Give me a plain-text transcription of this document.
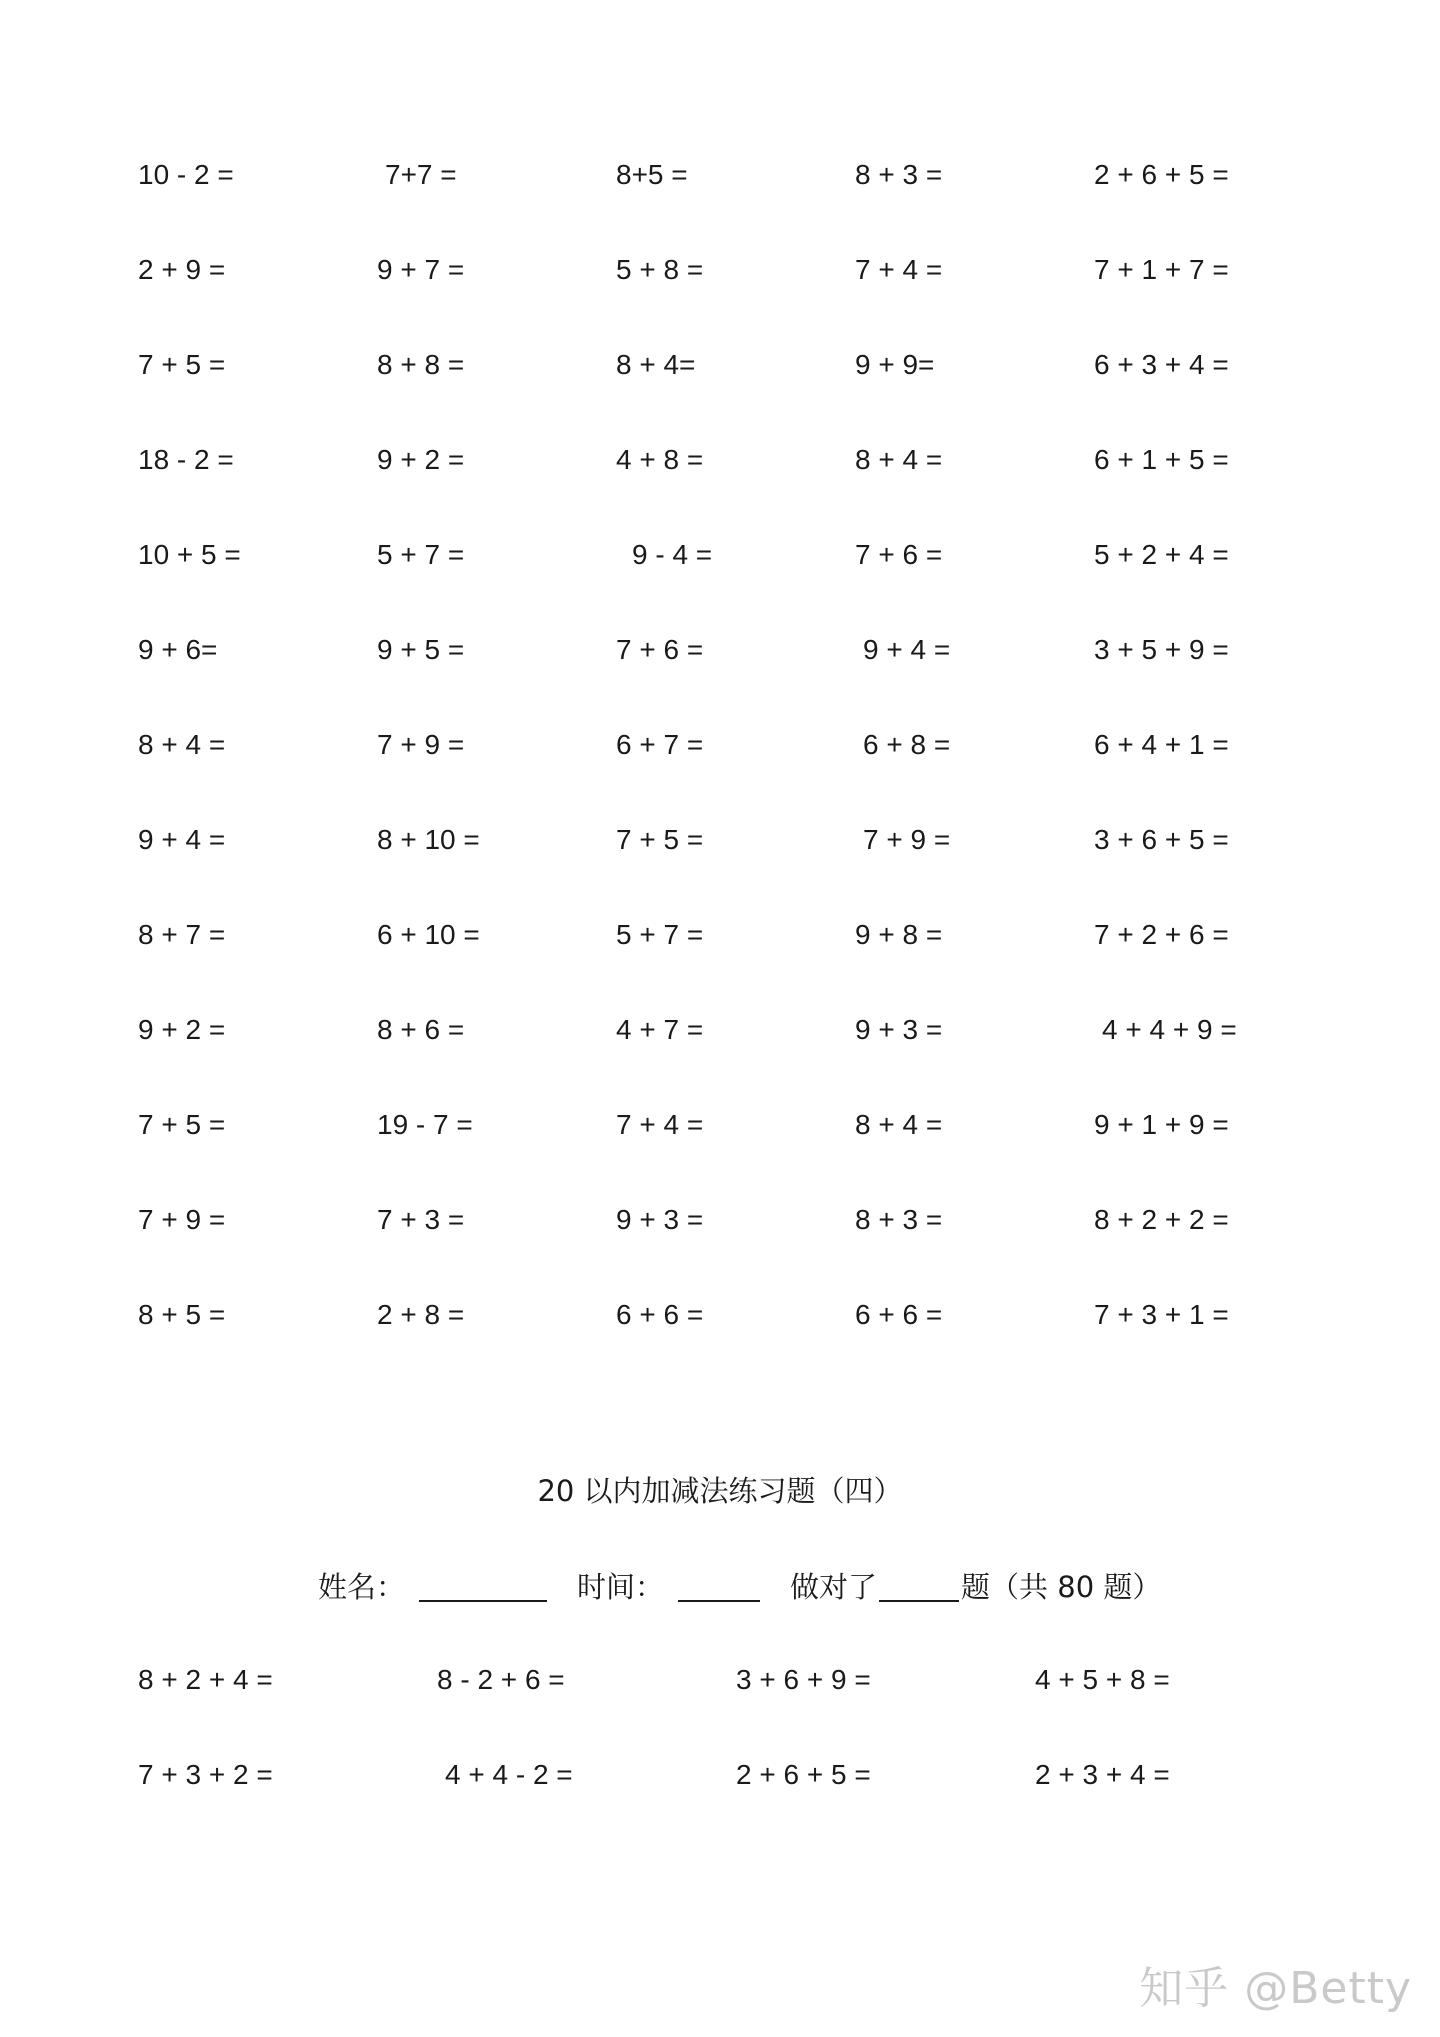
10 - 2 =	7+7 =	8+5 =	8 + 3 =	2 + 6 + 5 =
2 + 9 =	9 + 7 =	5 + 8 =	7 + 4 =	7 + 1 + 7 =
7 + 5 =	8 + 8 =	8 + 4=	9 + 9=	6 + 3 + 4 =
18 - 2 =	9 + 2 =	4 + 8 =	8 + 4 =	6 + 1 + 5 =
10 + 5 =	5 + 7 =	9 - 4 =	7 + 6 =	5 + 2 + 4 =
9 + 6=	9 + 5 =	7 + 6 =	9 + 4 =	3 + 5 + 9 =
8 + 4 =	7 + 9 =	6 + 7 =	6 + 8 =	6 + 4 + 1 =
9 + 4 =	8 + 10 =	7 + 5 =	7 + 9 =	3 + 6 + 5 =
8 + 7 =	6 + 10 =	5 + 7 =	9 + 8 =	7 + 2 + 6 =
9 + 2 =	8 + 6 =	4 + 7 =	9 + 3 =	4 + 4 + 9 =
7 + 5 =	19 - 7 =	7 + 4 =	8 + 4 =	9 + 1 + 9 =
7 + 9 =	7 + 3 =	9 + 3 =	8 + 3 =	8 + 2 + 2 =
8 + 5 =	2 + 8 =	6 + 6 =	6 + 6 =	7 + 3 + 1 =
20 以内加减法练习题（四）
姓名：	时间：	做对了	题（共 80 题）
8 + 2 + 4 =	8 - 2 + 6 =	3 + 6 + 9 =	4 + 5 + 8 =
7 + 3 + 2 =	4 + 4 - 2 =	2 + 6 + 5 =	2 + 3 + 4 =
知乎 @Betty
